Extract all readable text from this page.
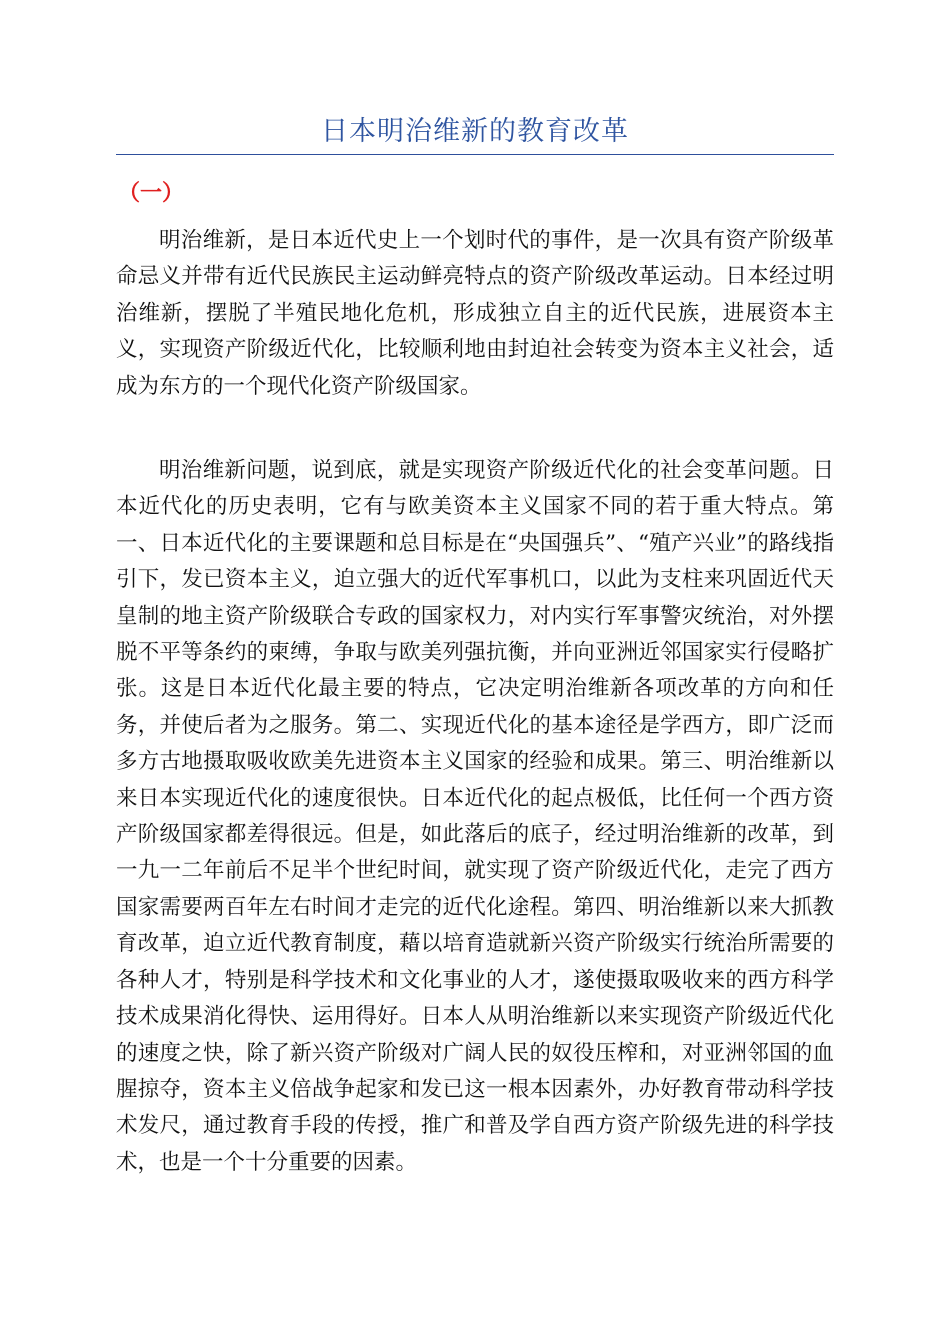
日本明治维新的教育改革
（一）

明治维新，是日本近代史上一个划时代的事件，是一次具有资产阶级革命忌义并带有近代民族民主运动鲜亮特点的资产阶级改革运动。日本经过明治维新，摆脱了半殖民地化危机，形成独立自主的近代民族，进展资本主义，实现资产阶级近代化，比较顺利地由封迫社会转变为资本主义社会，适成为东方的一个现代化资产阶级国家。

明治维新问题，说到底，就是实现资产阶级近代化的社会变革问题。日本近代化的历史表明，它有与欧美资本主义国家不同的若于重大特点。第一、日本近代化的主要课题和总目标是在“央国强兵”、“殖产兴业”的路线指引下，发已资本主义，迫立强大的近代军事机口，以此为支柱来巩固近代天皇制的地主资产阶级联合专政的国家权力，对内实行军事警灾统治，对外摆脱不平等条约的柬缚，争取与欧美列强抗衡，并向亚洲近邻国家实行侵略扩张。这是日本近代化最主要的特点，它决定明治维新各项改革的方向和任务，并使后者为之服务。第二、实现近代化的基本途径是学西方，即广泛而多方古地摄取吸收欧美先进资本主义国家的经验和成果。第三、明治维新以来日本实现近代化的速度很快。日本近代化的起点极低，比任何一个西方资产阶级国家都差得很远。但是，如此落后的底子，经过明治维新的改革，到一九一二年前后不足半个世纪时间，就实现了资产阶级近代化，走完了西方国家需要两百年左右时间才走完的近代化途程。第四、明治维新以来大抓教育改革，迫立近代教育制度，藉以培育造就新兴资产阶级实行统治所需要的各种人才，特别是科学技术和文化事业的人才，遂使摄取吸收来的西方科学技术成果消化得快、运用得好。日本人从明治维新以来实现资产阶级近代化的速度之快，除了新兴资产阶级对广阔人民的奴役压榨和，对亚洲邻国的血腥掠夺，资本主义倍战争起家和发已这一根本因素外，办好教育带动科学技术发尺，通过教育手段的传授，推广和普及学自西方资产阶级先进的科学技术，也是一个十分重要的因素。
